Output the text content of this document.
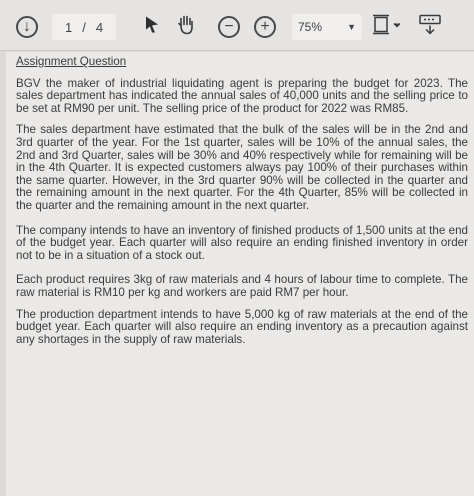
↓	1 / 4	−	+	75%	▼
Assignment Question
BGV the maker of industrial liquidating agent is preparing the budget for 2023. The sales department has indicated the annual sales of 40,000 units and the selling price to be set at RM90 per unit. The selling price of the product for 2022 was RM85.
The sales department have estimated that the bulk of the sales will be in the 2nd and 3rd quarter of the year. For the 1st quarter, sales will be 10% of the annual sales, the 2nd and 3rd Quarter, sales will be 30% and 40% respectively while for remaining will be in the 4th Quarter. It is expected customers always pay 100% of their purchases within the same quarter. However, in the 3rd quarter 90% will be collected in the quarter and the remaining amount in the next quarter. For the 4th Quarter, 85% will be collected in the quarter and the remaining amount in the next quarter.
The company intends to have an inventory of finished products of 1,500 units at the end of the budget year. Each quarter will also require an ending finished inventory in order not to be in a situation of a stock out.
Each product requires 3kg of raw materials and 4 hours of labour time to complete. The raw material is RM10 per kg and workers are paid RM7 per hour.
The production department intends to have 5,000 kg of raw materials at the end of the budget year. Each quarter will also require an ending inventory as a precaution against any shortages in the supply of raw materials.
